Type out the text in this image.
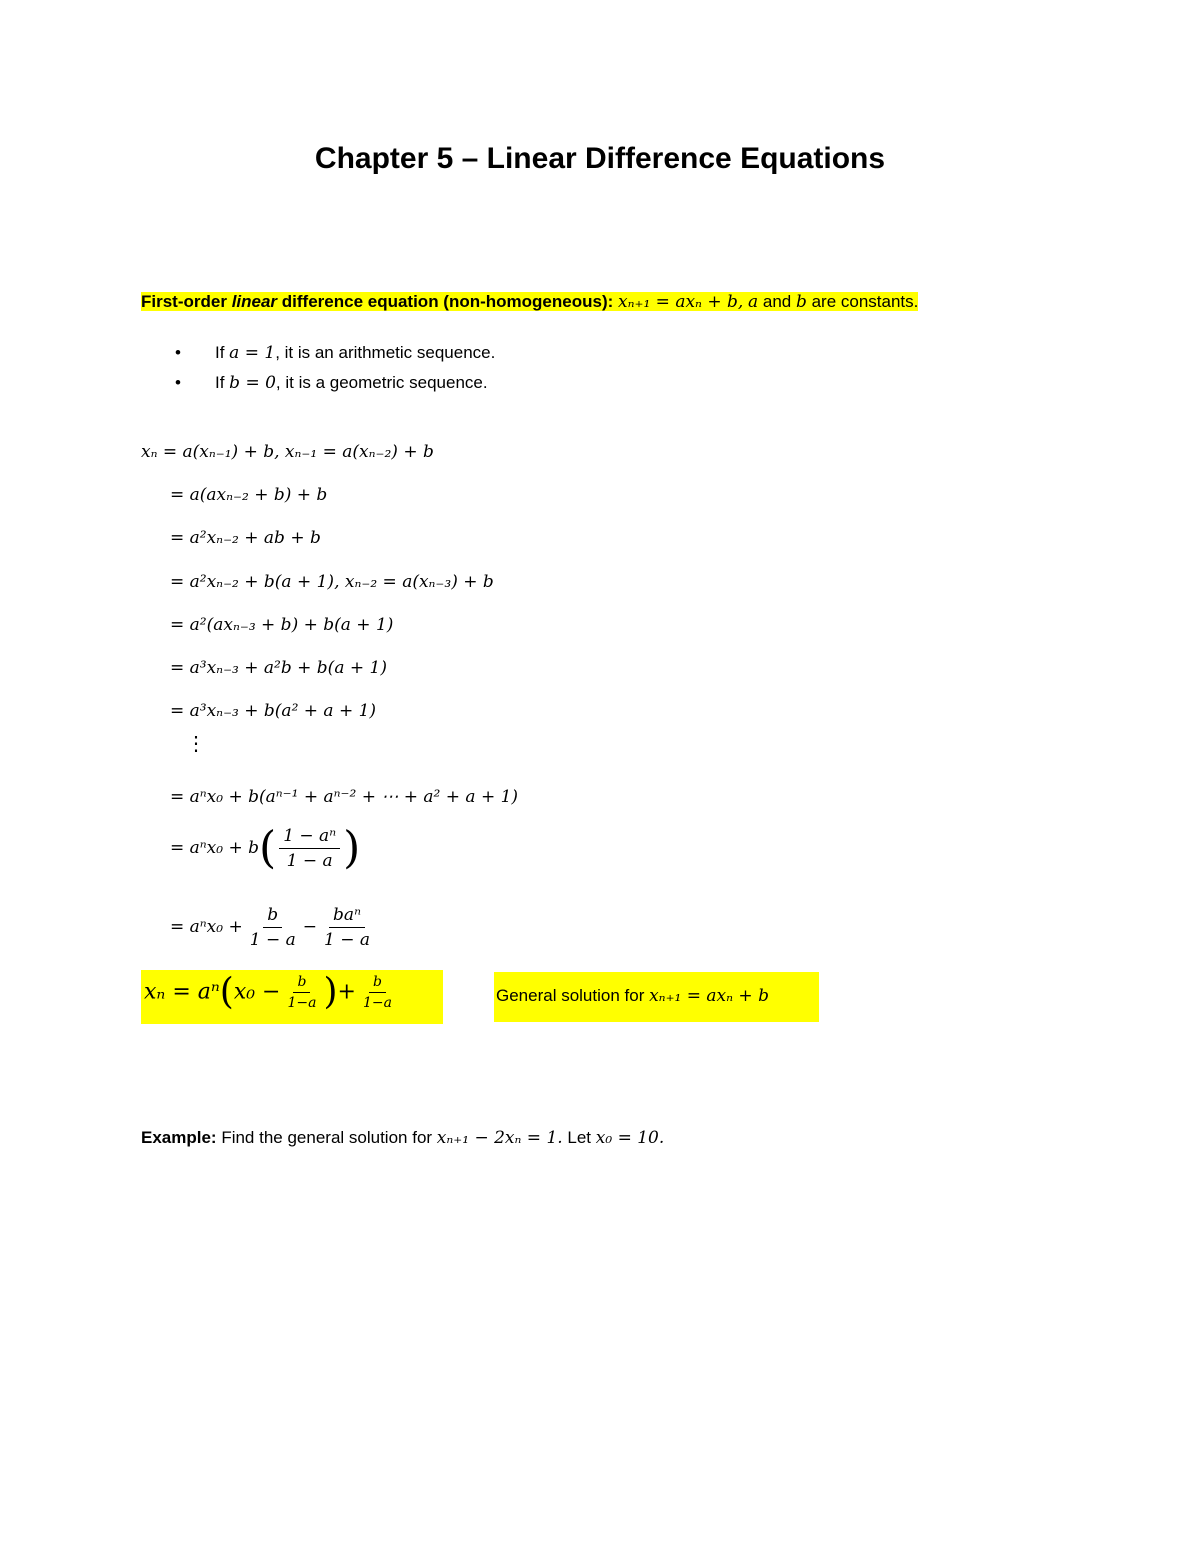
Chapter 5 – Linear Difference Equations
First-order linear difference equation (non-homogeneous): xₙ₊₁ = axₙ + b, a and b are constants.
• If a = 1, it is an arithmetic sequence.
• If b = 0, it is a geometric sequence.
xₙ = a(xₙ₋₁) + b, xₙ₋₁ = a(xₙ₋₂) + b
= a(axₙ₋₂ + b) + b
= a²xₙ₋₂ + ab + b
= a²xₙ₋₂ + b(a + 1), xₙ₋₂ = a(xₙ₋₃) + b
= a²(axₙ₋₃ + b) + b(a + 1)
= a³xₙ₋₃ + a²b + b(a + 1)
= a³xₙ₋₃ + b(a² + a + 1)
⋮
= aⁿx₀ + b(aⁿ⁻¹ + aⁿ⁻² + ⋯ + a² + a + 1)
= $a^nx_0 + b( \frac{\text{1 − aⁿ}}{1 - a}$ )
= $a^nx_0 + \frac{b}{1 - a} - \frac{\text{baⁿ}}{1 - a}$
$x_n = a^n(x_0 - \frac{b}{1-a}$ )+ $\frac{b}{1-a}$	General solution for xₙ₊₁ = axₙ + b
Example: Find the general solution for xₙ₊₁ − 2xₙ = 1. Let x₀ = 10.
